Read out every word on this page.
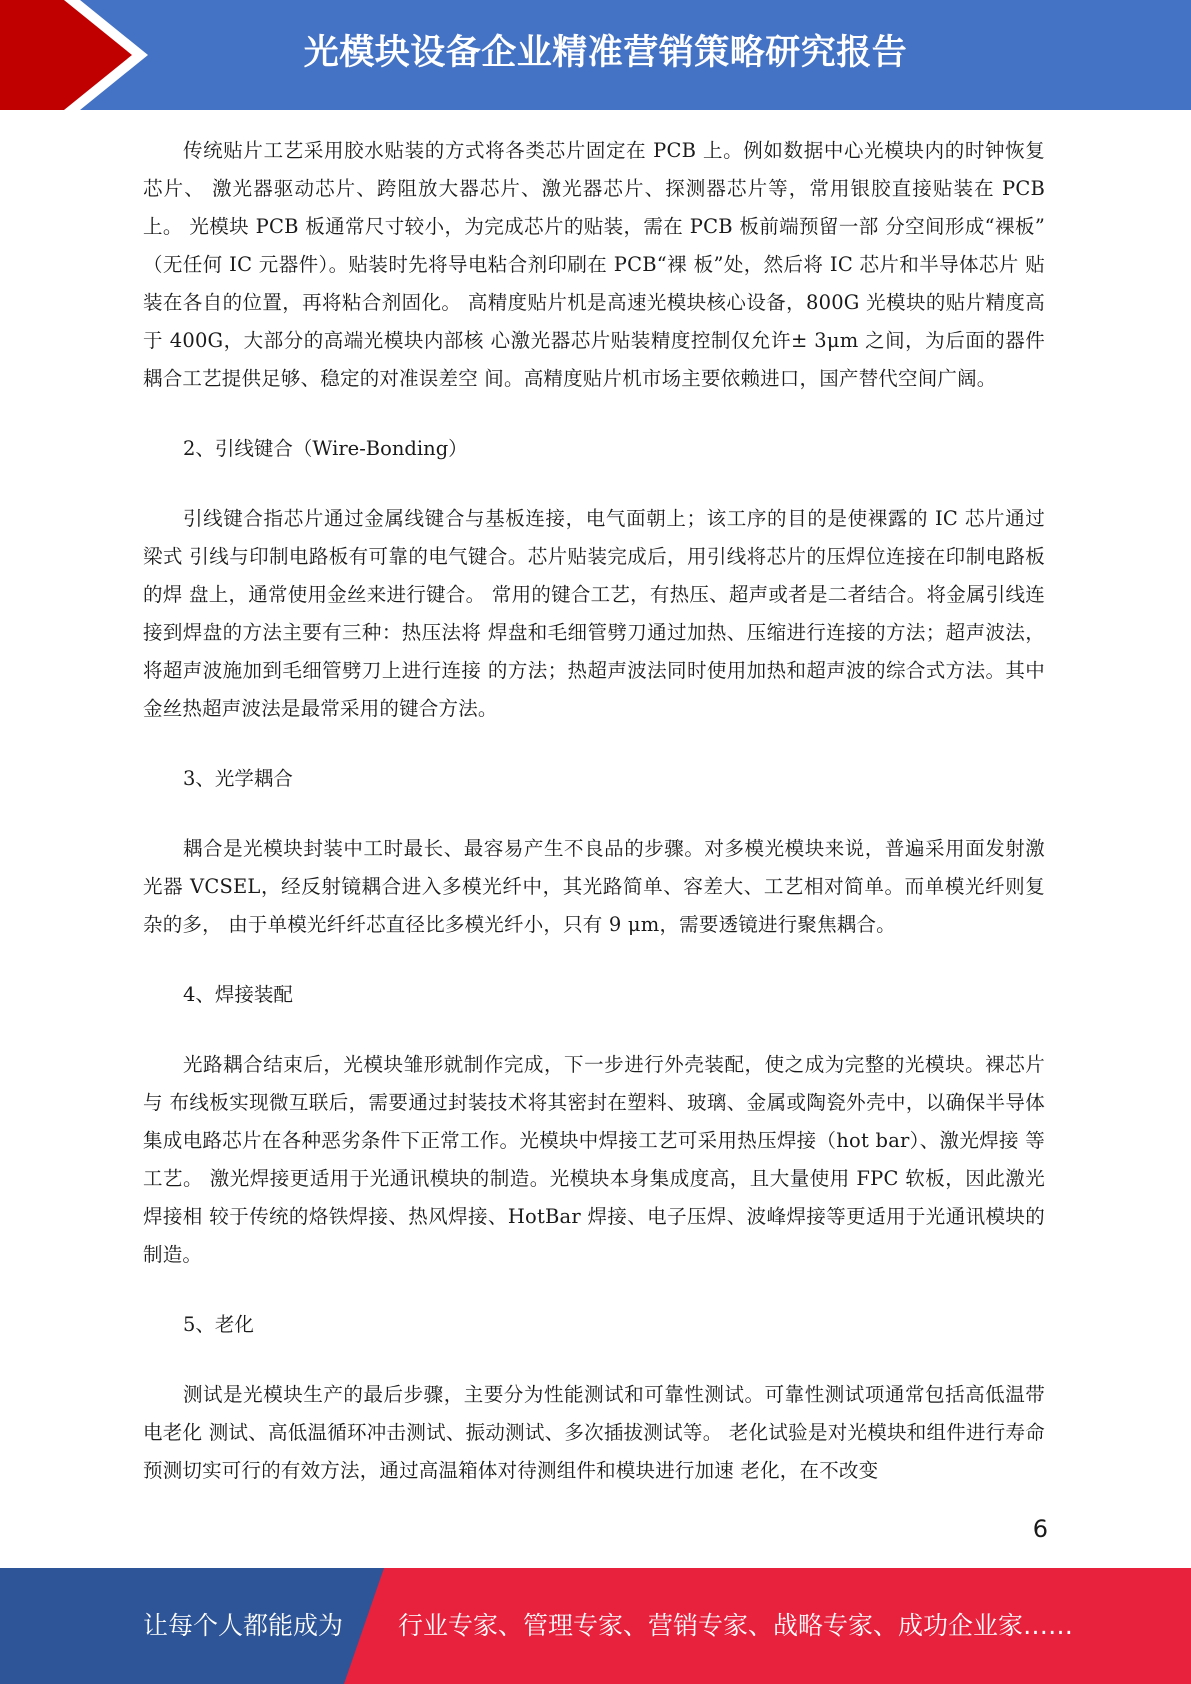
光模块设备企业精准营销策略研究报告

传统贴片工艺采用胶水贴装的方式将各类芯片固定在 PCB 上。例如数据中心光模块内的时钟恢复芯片、 激光器驱动芯片、跨阻放大器芯片、激光器芯片、探测器芯片等，常用银胶直接贴装在 PCB 上。 光模块 PCB 板通常尺寸较小，为完成芯片的贴装，需在 PCB 板前端预留一部 分空间形成“裸板” （无任何 IC 元器件）。贴装时先将导电粘合剂印刷在 PCB“裸 板”处，然后将 IC 芯片和半导体芯片 贴装在各自的位置，再将粘合剂固化。 高精度贴片机是高速光模块核心设备，800G 光模块的贴片精度高于 400G，大部分的高端光模块内部核 心激光器芯片贴装精度控制仅允许± 3μm 之间，为后面的器件耦合工艺提供足够、稳定的对准误差空 间。高精度贴片机市场主要依赖进口，国产替代空间广阔。

2、引线键合（Wire-Bonding）

引线键合指芯片通过金属线键合与基板连接，电气面朝上；该工序的目的是使裸露的 IC 芯片通过梁式 引线与印制电路板有可靠的电气键合。芯片贴装完成后，用引线将芯片的压焊位连接在印制电路板的焊 盘上，通常使用金丝来进行键合。 常用的键合工艺，有热压、超声或者是二者结合。将金属引线连接到焊盘的方法主要有三种：热压法将 焊盘和毛细管劈刀通过加热、压缩进行连接的方法；超声波法，将超声波施加到毛细管劈刀上进行连接 的方法；热超声波法同时使用加热和超声波的综合式方法。其中金丝热超声波法是最常采用的键合方法。

3、光学耦合

耦合是光模块封装中工时最长、最容易产生不良品的步骤。对多模光模块来说，普遍采用面发射激光器 VCSEL，经反射镜耦合进入多模光纤中，其光路简单、容差大、工艺相对简单。而单模光纤则复杂的多， 由于单模光纤纤芯直径比多模光纤小，只有 9 μm，需要透镜进行聚焦耦合。

4、焊接装配

光路耦合结束后，光模块雏形就制作完成，下一步进行外壳装配，使之成为完整的光模块。裸芯片与 布线板实现微互联后，需要通过封装技术将其密封在塑料、玻璃、金属或陶瓷外壳中，以确保半导体 集成电路芯片在各种恶劣条件下正常工作。光模块中焊接工艺可采用热压焊接（hot bar）、激光焊接 等工艺。 激光焊接更适用于光通讯模块的制造。光模块本身集成度高，且大量使用 FPC 软板，因此激光焊接相 较于传统的烙铁焊接、热风焊接、HotBar 焊接、电子压焊、波峰焊接等更适用于光通讯模块的制造。

5、老化

测试是光模块生产的最后步骤，主要分为性能测试和可靠性测试。可靠性测试项通常包括高低温带电老化 测试、高低温循环冲击测试、振动测试、多次插拔测试等。 老化试验是对光模块和组件进行寿命预测切实可行的有效方法，通过高温箱体对待测组件和模块进行加速 老化，在不改变

6
让每个人都能成为 行业专家、管理专家、营销专家、战略专家、成功企业家……
